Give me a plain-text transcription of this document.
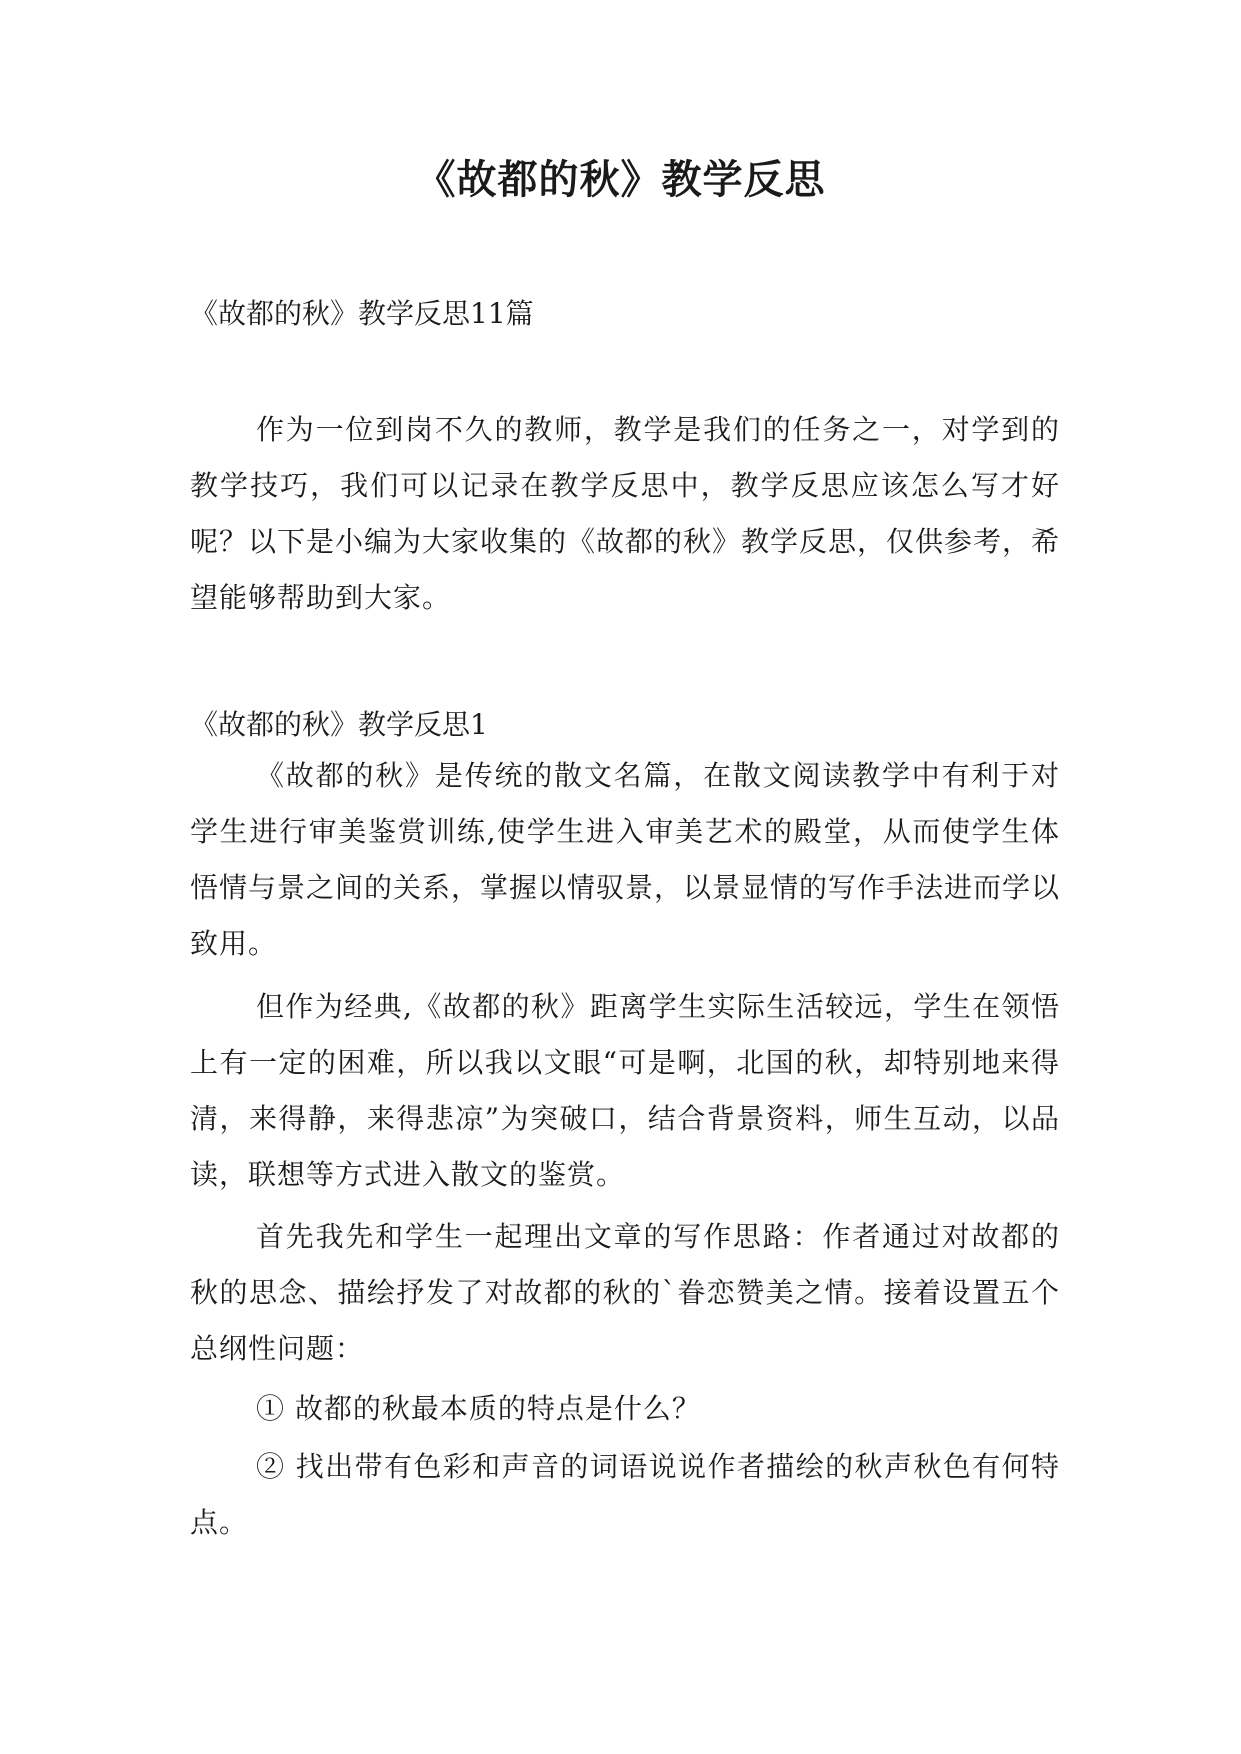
《故都的秋》教学反思
《故都的秋》教学反思11篇
作为一位到岗不久的教师，教学是我们的任务之一，对学到的教学技巧，我们可以记录在教学反思中，教学反思应该怎么写才好呢？以下是小编为大家收集的《故都的秋》教学反思，仅供参考，希望能够帮助到大家。
《故都的秋》教学反思1
《故都的秋》是传统的散文名篇，在散文阅读教学中有利于对学生进行审美鉴赏训练,使学生进入审美艺术的殿堂，从而使学生体悟情与景之间的关系，掌握以情驭景，以景显情的写作手法进而学以致用。
但作为经典,《故都的秋》距离学生实际生活较远，学生在领悟上有一定的困难，所以我以文眼“可是啊，北国的秋，却特别地来得清，来得静，来得悲凉”为突破口，结合背景资料，师生互动，以品读，联想等方式进入散文的鉴赏。
首先我先和学生一起理出文章的写作思路：作者通过对故都的秋的思念、描绘抒发了对故都的秋的`眷恋赞美之情。接着设置五个总纲性问题：
① 故都的秋最本质的特点是什么？
② 找出带有色彩和声音的词语说说作者描绘的秋声秋色有何特点。
